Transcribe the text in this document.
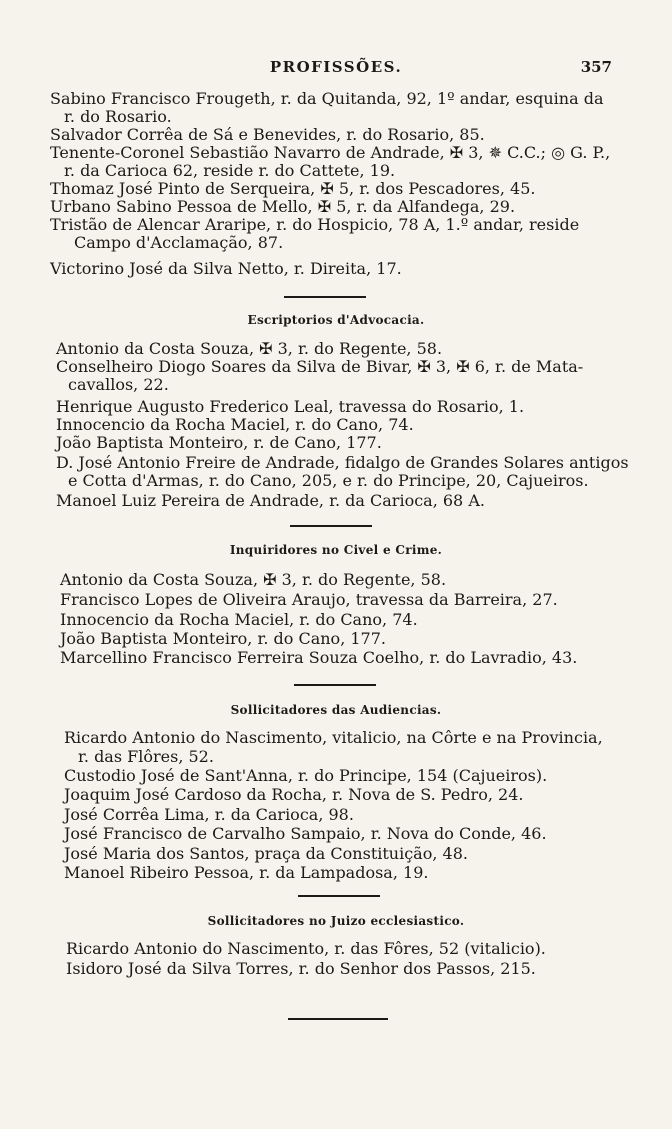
PROFISSÕES.	357
Sabino Francisco Frougeth, r. da Quitanda, 92, 1º andar, esquina da
r. do Rosario.
Salvador Corrêa de Sá e Benevides, r. do Rosario, 85.
Tenente-Coronel Sebastião Navarro de Andrade, ✠ 3, ✵ C.C.; ◎ G. P.,
r. da Carioca 62, reside r. do Cattete, 19.
Thomaz José Pinto de Serqueira, ✠ 5, r. dos Pescadores, 45.
Urbano Sabino Pessoa de Mello, ✠ 5, r. da Alfandega, 29.
Tristão de Alencar Araripe, r. do Hospicio, 78 A, 1.º andar, reside
Campo d'Acclamação, 87.
Victorino José da Silva Netto, r. Direita, 17.
Escriptorios d'Advocacia.
Antonio da Costa Souza, ✠ 3, r. do Regente, 58.
Conselheiro Diogo Soares da Silva de Bivar, ✠ 3, ✠ 6, r. de Mata-
cavallos, 22.
Henrique Augusto Frederico Leal, travessa do Rosario, 1.
Innocencio da Rocha Maciel, r. do Cano, 74.
João Baptista Monteiro, r. de Cano, 177.
D. José Antonio Freire de Andrade, fidalgo de Grandes Solares antigos
e Cotta d'Armas, r. do Cano, 205, e r. do Principe, 20, Cajueiros.
Manoel Luiz Pereira de Andrade, r. da Carioca, 68 A.
Inquiridores no Civel e Crime.
Antonio da Costa Souza, ✠ 3, r. do Regente, 58.
Francisco Lopes de Oliveira Araujo, travessa da Barreira, 27.
Innocencio da Rocha Maciel, r. do Cano, 74.
João Baptista Monteiro, r. do Cano, 177.
Marcellino Francisco Ferreira Souza Coelho, r. do Lavradio, 43.
Sollicitadores das Audiencias.
Ricardo Antonio do Nascimento, vitalicio, na Côrte e na Provincia,
r. das Flôres, 52.
Custodio José de Sant'Anna, r. do Principe, 154 (Cajueiros).
Joaquim José Cardoso da Rocha, r. Nova de S. Pedro, 24.
José Corrêa Lima, r. da Carioca, 98.
José Francisco de Carvalho Sampaio, r. Nova do Conde, 46.
José Maria dos Santos, praça da Constituição, 48.
Manoel Ribeiro Pessoa, r. da Lampadosa, 19.
Sollicitadores no Juizo ecclesiastico.
Ricardo Antonio do Nascimento, r. das Fôres, 52 (vitalicio).
Isidoro José da Silva Torres, r. do Senhor dos Passos, 215.
